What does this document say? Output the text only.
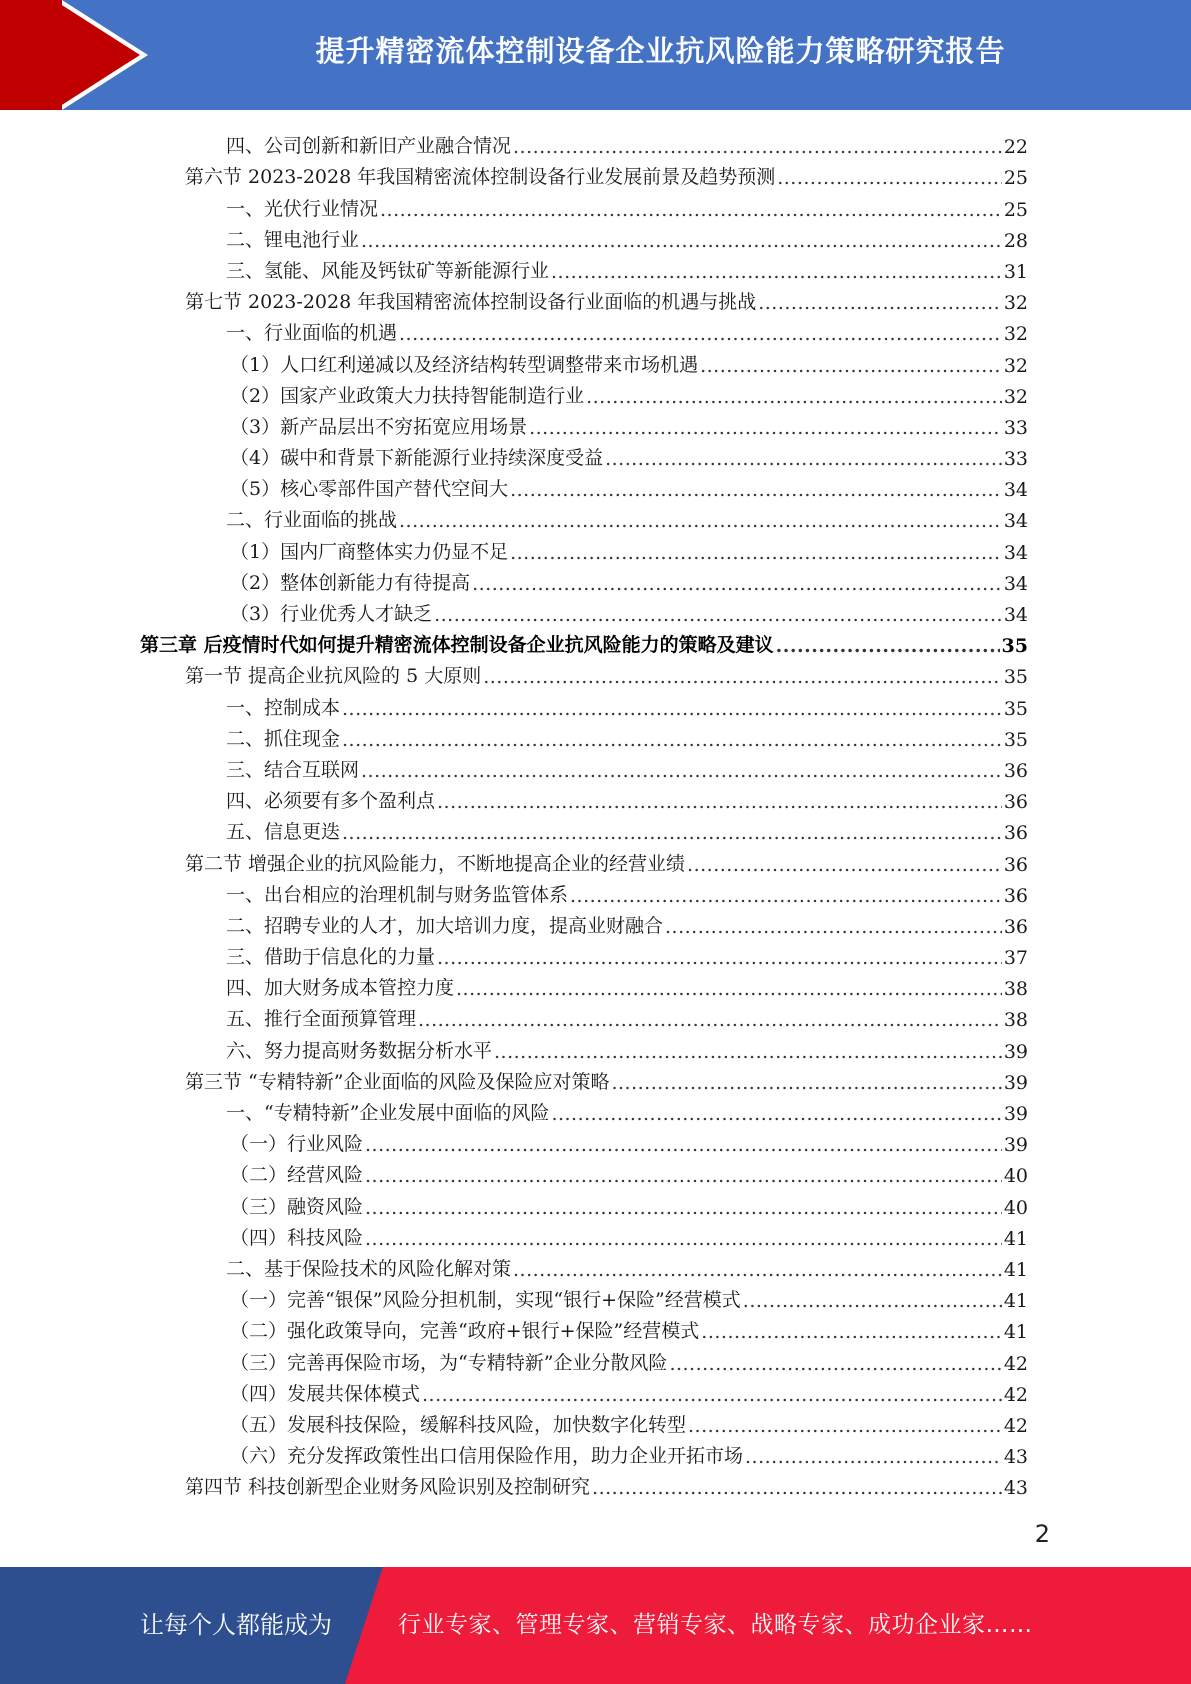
提升精密流体控制设备企业抗风险能力策略研究报告
四、公司创新和新旧产业融合情况 .....	22
第六节 2023-2028 年我国精密流体控制设备行业发展前景及趋势预测 .....	25
一、光伏行业情况 .....	25
二、锂电池行业 .....	28
三、氢能、风能及钙钛矿等新能源行业 .....	31
第七节 2023-2028 年我国精密流体控制设备行业面临的机遇与挑战 .....	32
一、行业面临的机遇 .....	32
（1）人口红利递减以及经济结构转型调整带来市场机遇 .....	32
（2）国家产业政策大力扶持智能制造行业 .....	32
（3）新产品层出不穷拓宽应用场景 .....	33
（4）碳中和背景下新能源行业持续深度受益 .....	33
（5）核心零部件国产替代空间大 .....	34
二、行业面临的挑战 .....	34
（1）国内厂商整体实力仍显不足 .....	34
（2）整体创新能力有待提高 .....	34
（3）行业优秀人才缺乏 .....	34
第三章 后疫情时代如何提升精密流体控制设备企业抗风险能力的策略及建议 .....	35
第一节 提高企业抗风险的 5 大原则 .....	35
一、控制成本 .....	35
二、抓住现金 .....	35
三、结合互联网 .....	36
四、必须要有多个盈利点 .....	36
五、信息更迭 .....	36
第二节 增强企业的抗风险能力，不断地提高企业的经营业绩 .....	36
一、出台相应的治理机制与财务监管体系 .....	36
二、招聘专业的人才，加大培训力度，提高业财融合 .....	36
三、借助于信息化的力量 .....	37
四、加大财务成本管控力度 .....	38
五、推行全面预算管理 .....	38
六、努力提高财务数据分析水平 .....	39
第三节 “专精特新”企业面临的风险及保险应对策略 .....	39
一、“专精特新”企业发展中面临的风险 .....	39
（一）行业风险 .....	39
（二）经营风险 .....	40
（三）融资风险 .....	40
（四）科技风险 .....	41
二、基于保险技术的风险化解对策 .....	41
（一）完善“银保”风险分担机制，实现“银行+保险”经营模式 .....	41
（二）强化政策导向，完善“政府+银行+保险”经营模式 .....	41
（三）完善再保险市场，为“专精特新”企业分散风险 .....	42
（四）发展共保体模式 .....	42
（五）发展科技保险，缓解科技风险，加快数字化转型 .....	42
（六）充分发挥政策性出口信用保险作用，助力企业开拓市场 .....	43
第四节 科技创新型企业财务风险识别及控制研究 .....	43
2
让每个人都能成为	行业专家、管理专家、营销专家、战略专家、成功企业家……
